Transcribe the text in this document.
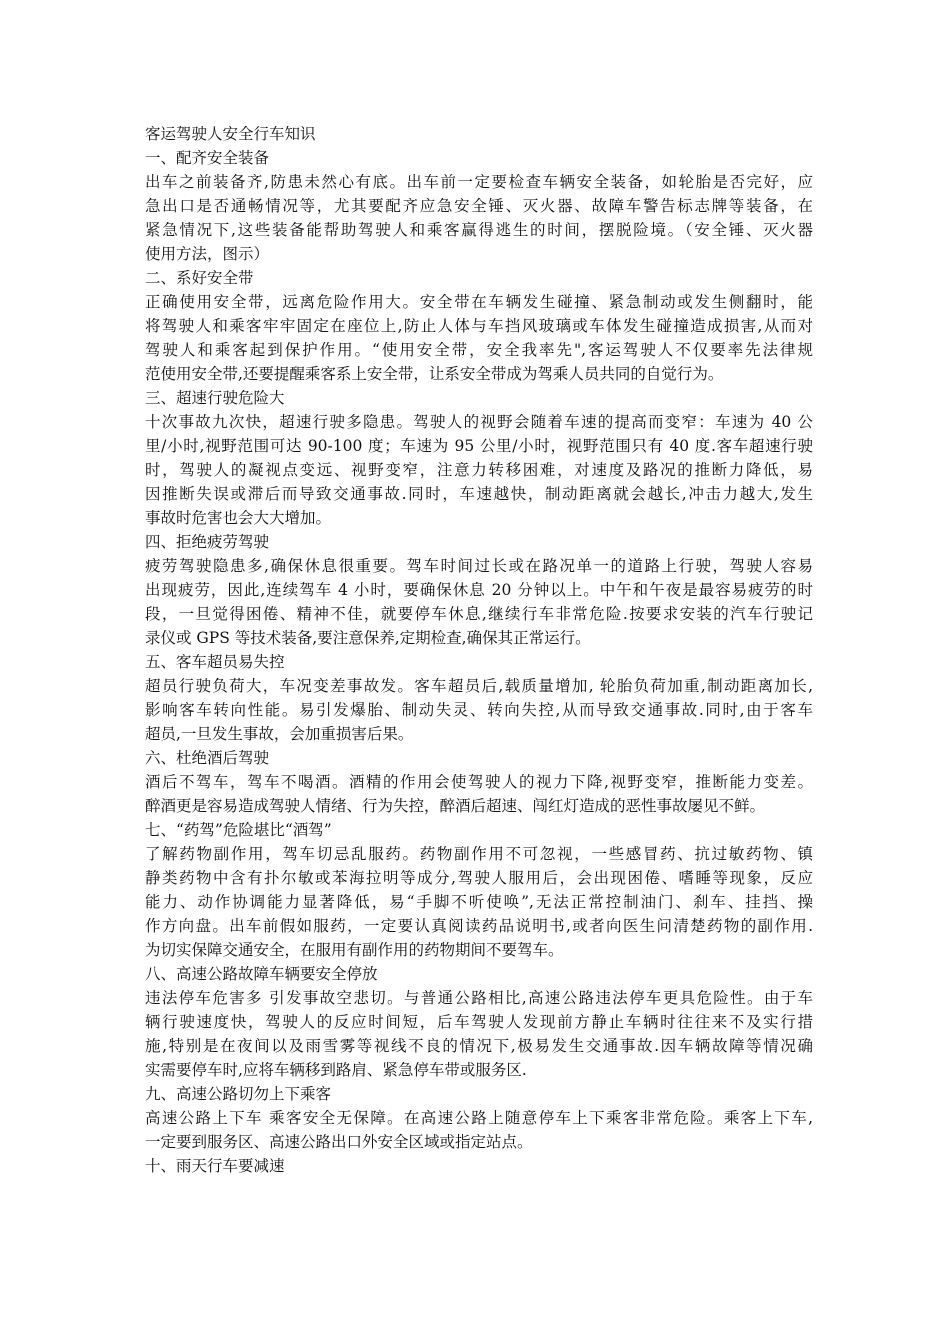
客运驾驶人安全行车知识
一、配齐安全装备
出车之前装备齐,防患未然心有底。出车前一定要检查车辆安全装备，如轮胎是否完好，应
急出口是否通畅情况等，尤其要配齐应急安全锤、灭火器、故障车警告标志牌等装备，在
紧急情况下,这些装备能帮助驾驶人和乘客赢得逃生的时间，摆脱险境。（安全锤、灭火器
使用方法，图示）
二、系好安全带
正确使用安全带，远离危险作用大。安全带在车辆发生碰撞、紧急制动或发生侧翻时，能
将驾驶人和乘客牢牢固定在座位上,防止人体与车挡风玻璃或车体发生碰撞造成损害,从而对
驾驶人和乘客起到保护作用。“使用安全带，安全我率先",客运驾驶人不仅要率先法律规
范使用安全带,还要提醒乘客系上安全带，让系安全带成为驾乘人员共同的自觉行为。
三、超速行驶危险大
十次事故九次快，超速行驶多隐患。驾驶人的视野会随着车速的提高而变窄：车速为 40 公
里/小时,视野范围可达 90-100 度；车速为 95 公里/小时，视野范围只有 40 度.客车超速行驶
时，驾驶人的凝视点变远、视野变窄，注意力转移困难，对速度及路况的推断力降低，易
因推断失误或滞后而导致交通事故.同时，车速越快，制动距离就会越长,冲击力越大,发生
事故时危害也会大大增加。
四、拒绝疲劳驾驶
疲劳驾驶隐患多,确保休息很重要。驾车时间过长或在路况单一的道路上行驶，驾驶人容易
出现疲劳，因此,连续驾车 4 小时，要确保休息 20 分钟以上。中午和午夜是最容易疲劳的时
段，一旦觉得困倦、精神不佳，就要停车休息,继续行车非常危险.按要求安装的汽车行驶记
录仪或 GPS 等技术装备,要注意保养,定期检查,确保其正常运行。
五、客车超员易失控
超员行驶负荷大，车况变差事故发。客车超员后,载质量增加, 轮胎负荷加重,制动距离加长,
影响客车转向性能。易引发爆胎、制动失灵、转向失控,从而导致交通事故.同时,由于客车
超员,一旦发生事故，会加重损害后果。
六、杜绝酒后驾驶
酒后不驾车，驾车不喝酒。酒精的作用会使驾驶人的视力下降,视野变窄，推断能力变差。
醉酒更是容易造成驾驶人情绪、行为失控，醉酒后超速、闯红灯造成的恶性事故屡见不鲜。
七、“药驾”危险堪比“酒驾”
了解药物副作用，驾车切忌乱服药。药物副作用不可忽视，一些感冒药、抗过敏药物、镇
静类药物中含有扑尔敏或苯海拉明等成分,驾驶人服用后，会出现困倦、嗜睡等现象，反应
能力、动作协调能力显著降低，易“手脚不听使唤”,无法正常控制油门、刹车、挂挡、操
作方向盘。出车前假如服药，一定要认真阅读药品说明书,或者向医生问清楚药物的副作用.
为切实保障交通安全，在服用有副作用的药物期间不要驾车。
八、高速公路故障车辆要安全停放
违法停车危害多 引发事故空悲切。与普通公路相比,高速公路违法停车更具危险性。由于车
辆行驶速度快，驾驶人的反应时间短，后车驾驶人发现前方静止车辆时往往来不及实行措
施,特别是在夜间以及雨雪雾等视线不良的情况下,极易发生交通事故.因车辆故障等情况确
实需要停车时,应将车辆移到路肩、紧急停车带或服务区.
九、高速公路切勿上下乘客
高速公路上下车 乘客安全无保障。在高速公路上随意停车上下乘客非常危险。乘客上下车,
一定要到服务区、高速公路出口外安全区域或指定站点。
十、雨天行车要减速
